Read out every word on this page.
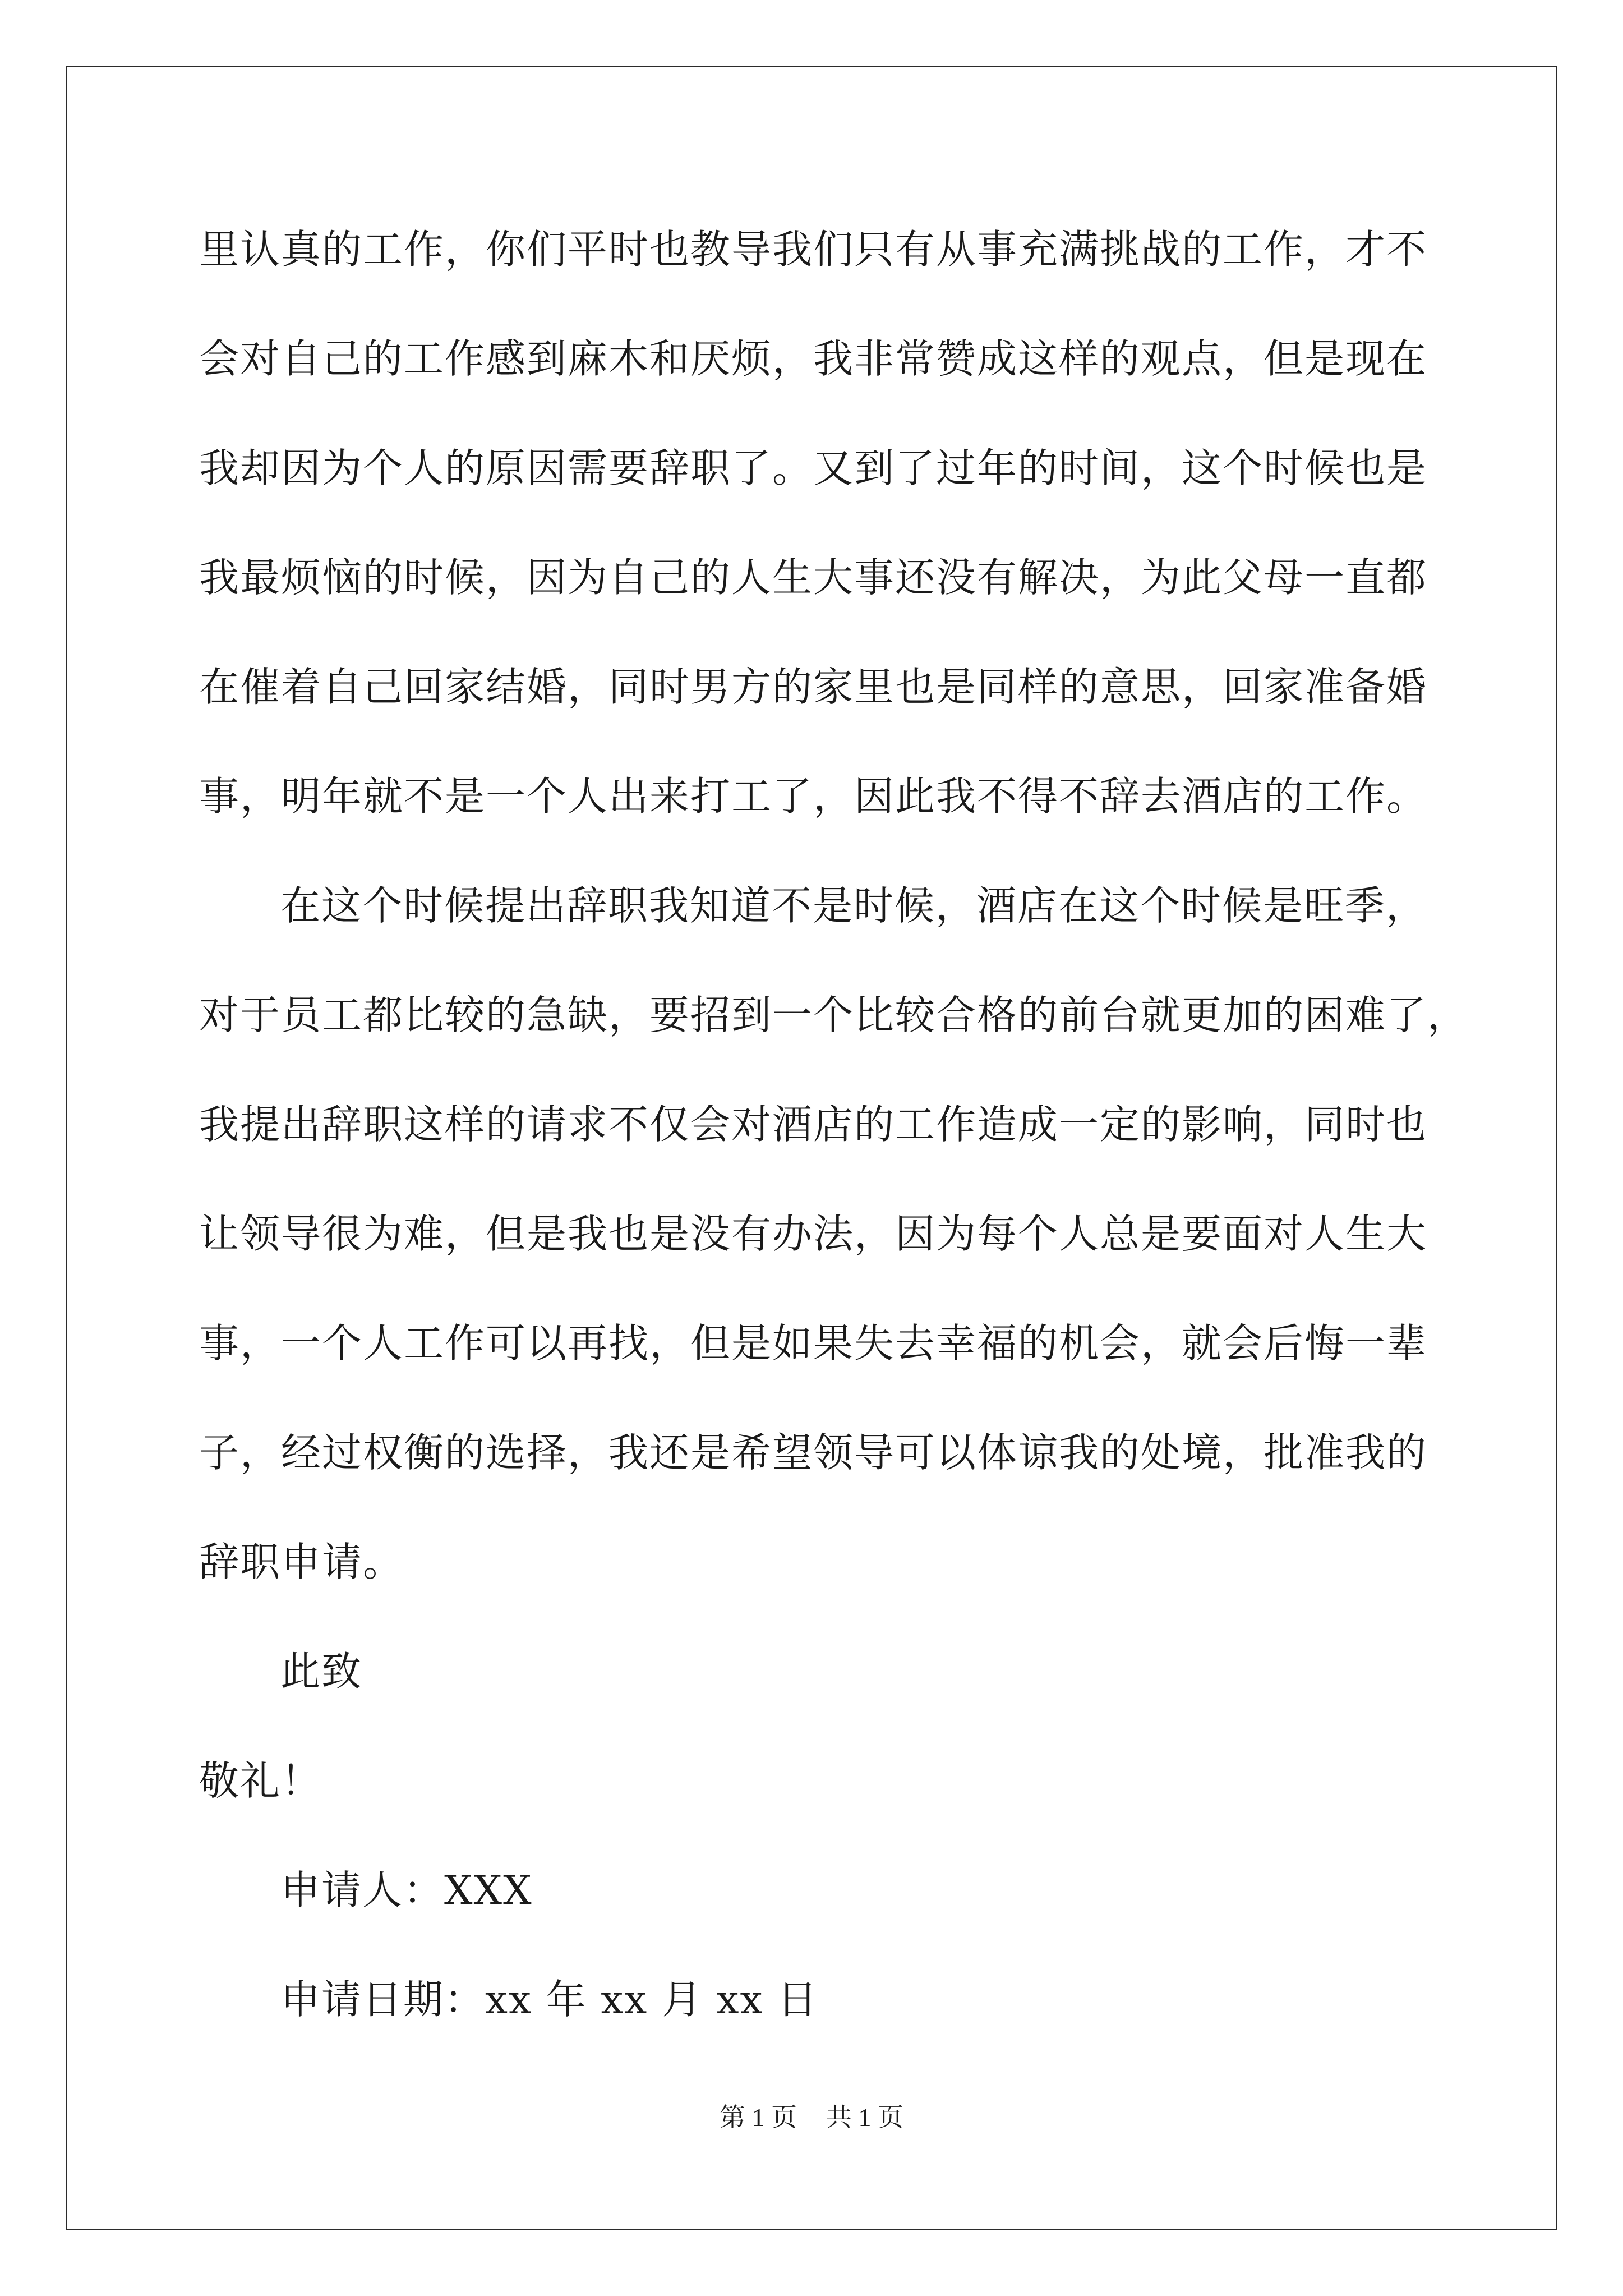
里认真的工作，你们平时也教导我们只有从事充满挑战的工作，才不
会对自己的工作感到麻木和厌烦，我非常赞成这样的观点，但是现在
我却因为个人的原因需要辞职了。又到了过年的时间，这个时候也是
我最烦恼的时候，因为自己的人生大事还没有解决，为此父母一直都
在催着自己回家结婚，同时男方的家里也是同样的意思，回家准备婚
事，明年就不是一个人出来打工了，因此我不得不辞去酒店的工作。
在这个时候提出辞职我知道不是时候，酒店在这个时候是旺季，
对于员工都比较的急缺，要招到一个比较合格的前台就更加的困难了，
我提出辞职这样的请求不仅会对酒店的工作造成一定的影响，同时也
让领导很为难，但是我也是没有办法，因为每个人总是要面对人生大
事，一个人工作可以再找，但是如果失去幸福的机会，就会后悔一辈
子，经过权衡的选择，我还是希望领导可以体谅我的处境，批准我的
辞职申请。
此致
敬礼！
申请人：XXX
申请日期：xx 年 xx 月 xx 日
第 1 页 共 1 页
